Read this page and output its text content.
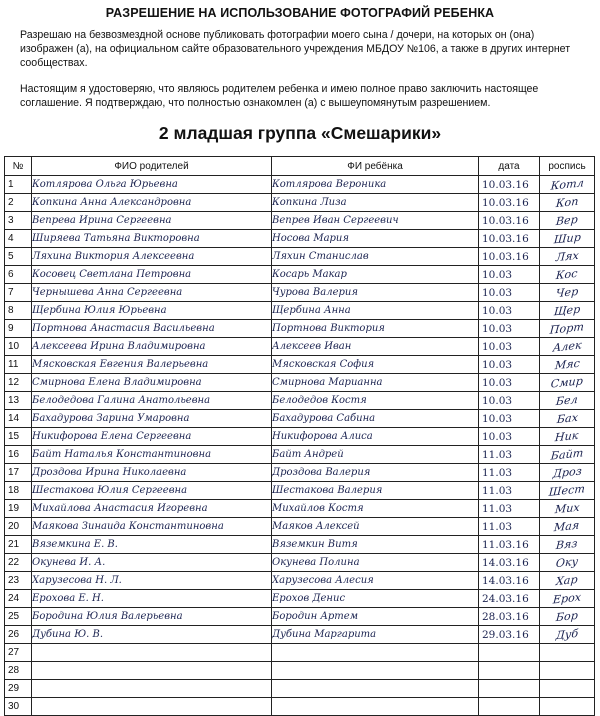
РАЗРЕШЕНИЕ НА ИСПОЛЬЗОВАНИЕ ФОТОГРАФИЙ РЕБЕНКА
Разрешаю на безвозмездной основе публиковать фотографии моего сына / дочери, на которых он (она) изображен (а), на официальном сайте образовательного учреждения МБДОУ №106, а также в других интернет сообществах.
Настоящим я удостоверяю, что являюсь родителем ребенка и имею полное право заключить настоящее соглашение. Я подтверждаю, что полностью ознакомлен (а) с вышеупомянутым разрешением.
2 младшая группа «Смешарики»
№	ФИО родителей	ФИ ребёнка	дата	роспись
1	Котлярова Ольга Юрьевна	Котлярова Вероника	10.03.16	Котл
2	Копкина Анна Александровна	Копкина Лиза	10.03.16	Коп
3	Вепрева Ирина Сергеевна	Вепрев Иван Сергеевич	10.03.16	Вер
4	Ширяева Татьяна Викторовна	Носова Мария	10.03.16	Шир
5	Ляхина Виктория Алексеевна	Ляхин Станислав	10.03.16	Лях
6	Косовец Светлана Петровна	Косарь Макар	10.03	Кос
7	Чернышева Анна Сергеевна	Чурова Валерия	10.03	Чер
8	Щербина Юлия Юрьевна	Щербина Анна	10.03	Щер
9	Портнова Анастасия Васильевна	Портнова Виктория	10.03	Порт
10	Алексеева Ирина Владимировна	Алексеев Иван	10.03	Алек
11	Мясковская Евгения Валерьевна	Мясковская София	10.03	Мяс
12	Смирнова Елена Владимировна	Смирнова Марианна	10.03	Смир
13	Белодедова Галина Анатольевна	Белодедов Костя	10.03	Бел
14	Бахадурова Зарина Умаровна	Бахадурова Сабина	10.03	Бах
15	Никифорова Елена Сергеевна	Никифорова Алиса	10.03	Ник
16	Байт Наталья Константиновна	Байт Андрей	11.03	Байт
17	Дроздова Ирина Николаевна	Дроздова Валерия	11.03	Дроз
18	Шестакова Юлия Сергеевна	Шестакова Валерия	11.03	Шест
19	Михайлова Анастасия Игоревна	Михайлов Костя	11.03	Мих
20	Маякова Зинаида Константиновна	Маяков Алексей	11.03	Мая
21	Вяземкина Е. В.	Вяземкин Витя	11.03.16	Вяз
22	Окунева И. А.	Окунева Полина	14.03.16	Оку
23	Харузесова Н. Л.	Харузесова Алесия	14.03.16	Хар
24	Ерохова Е. Н.	Ерохов Денис	24.03.16	Ерох
25	Бородина Юлия Валерьевна	Бородин Артем	28.03.16	Бор
26	Дубина Ю. В.	Дубина Маргарита	29.03.16	Дуб
27				
28				
29				
30				
